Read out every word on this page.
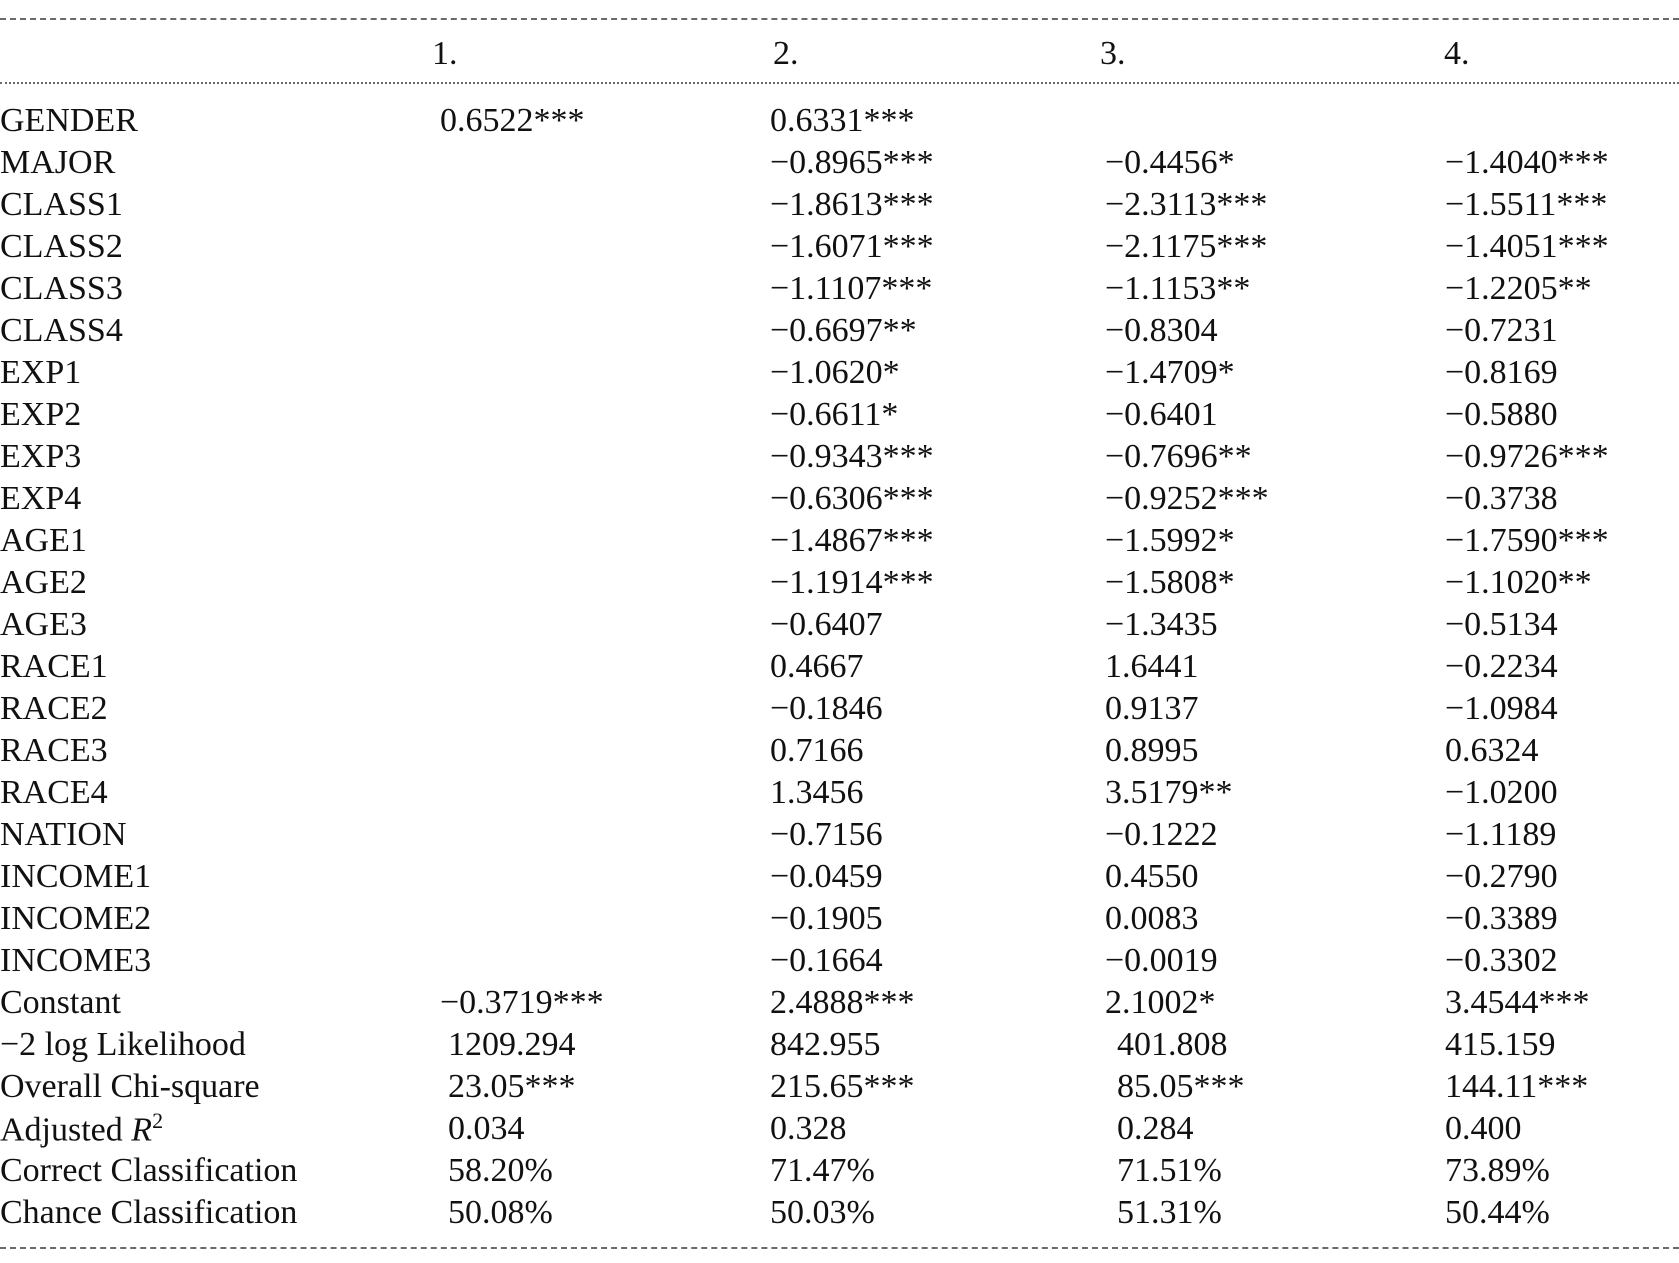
	1.	2.	3.	4.

GENDER	0.6522***	0.6331***		
MAJOR		−0.8965***	−0.4456*	−1.4040***
CLASS1		−1.8613***	−2.3113***	−1.5511***
CLASS2		−1.6071***	−2.1175***	−1.4051***
CLASS3		−1.1107***	−1.1153**	−1.2205**
CLASS4		−0.6697**	−0.8304	−0.7231
EXP1		−1.0620*	−1.4709*	−0.8169
EXP2		−0.6611*	−0.6401	−0.5880
EXP3		−0.9343***	−0.7696**	−0.9726***
EXP4		−0.6306***	−0.9252***	−0.3738
AGE1		−1.4867***	−1.5992*	−1.7590***
AGE2		−1.1914***	−1.5808*	−1.1020**
AGE3		−0.6407	−1.3435	−0.5134
RACE1		0.4667	1.6441	−0.2234
RACE2		−0.1846	0.9137	−1.0984
RACE3		0.7166	0.8995	0.6324
RACE4		1.3456	3.5179**	−1.0200
NATION		−0.7156	−0.1222	−1.1189
INCOME1		−0.0459	0.4550	−0.2790
INCOME2		−0.1905	0.0083	−0.3389
INCOME3		−0.1664	−0.0019	−0.3302
Constant	−0.3719***	2.4888***	2.1002*	3.4544***
−2 log Likelihood	1209.294	842.955	401.808	415.159
Overall Chi-square	23.05***	215.65***	85.05***	144.11***
Adjusted $R^2$	0.034	0.328	0.284	0.400
Correct Classification	58.20%	71.47%	71.51%	73.89%
Chance Classification	50.08%	50.03%	51.31%	50.44%
